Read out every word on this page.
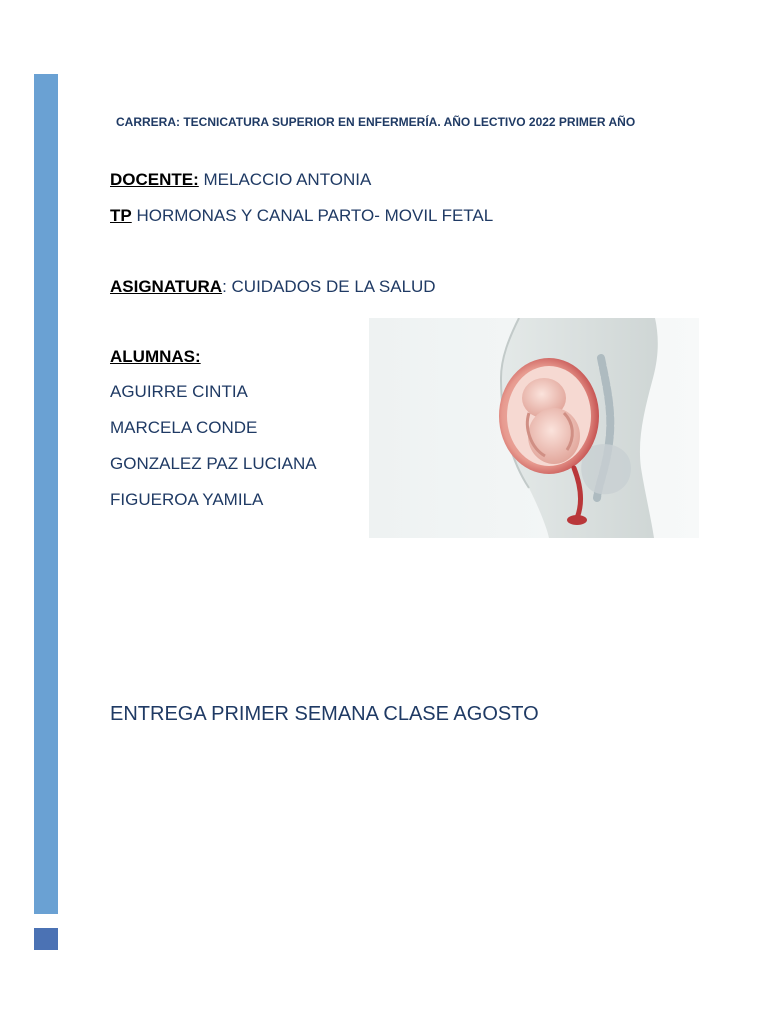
CARRERA: TECNICATURA SUPERIOR EN ENFERMERÍA. AÑO LECTIVO 2022 PRIMER AÑO
DOCENTE: MELACCIO ANTONIA
TP HORMONAS Y CANAL PARTO- MOVIL FETAL
ASIGNATURA: CUIDADOS DE LA SALUD
ALUMNAS:
AGUIRRE CINTIA
MARCELA CONDE
GONZALEZ PAZ LUCIANA
FIGUEROA YAMILA
ENTREGA PRIMER SEMANA CLASE AGOSTO
